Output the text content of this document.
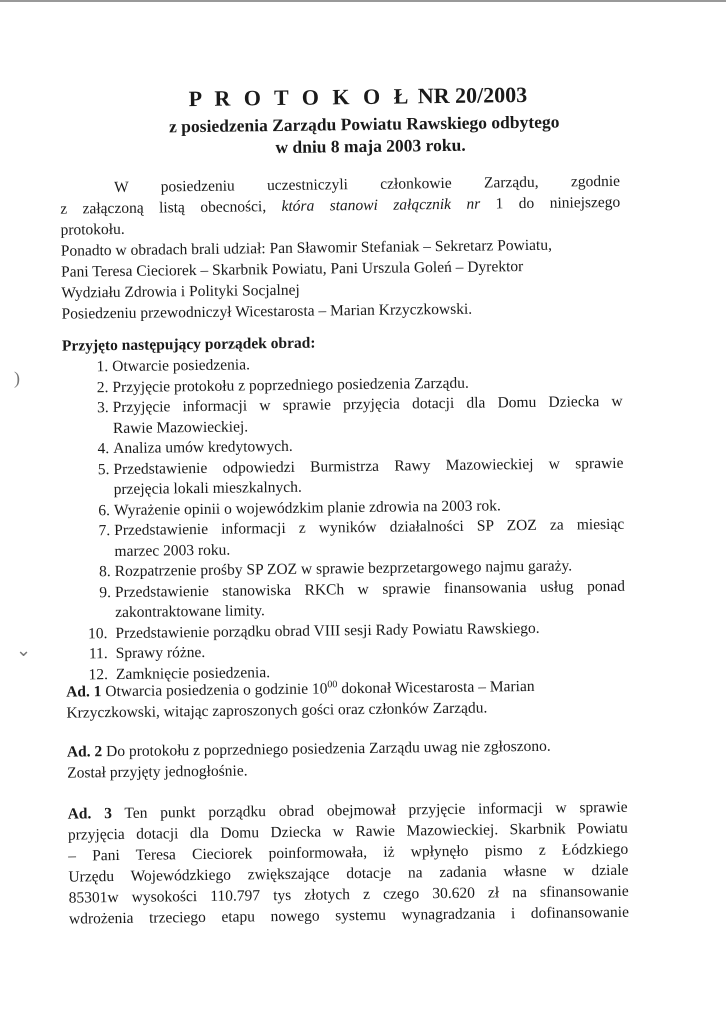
P R O T O K O Ł NR 20/2003
z posiedzenia Zarządu Powiatu Rawskiego odbytego
w dniu 8 maja 2003 roku.
W posiedzeniu uczestniczyli członkowie Zarządu, zgodnie
z załączoną listą obecności, która stanowi załącznik nr 1 do niniejszego
protokołu.
Ponadto w obradach brali udział: Pan Sławomir Stefaniak – Sekretarz Powiatu,
Pani Teresa Cieciorek – Skarbnik Powiatu, Pani Urszula Goleń – Dyrektor
Wydziału Zdrowia i Polityki Socjalnej
Posiedzeniu przewodniczył Wicestarosta – Marian Krzyczkowski.
Przyjęto następujący porządek obrad:
1. Otwarcie posiedzenia.
2. Przyjęcie protokołu z poprzedniego posiedzenia Zarządu.
3. Przyjęcie informacji w sprawie przyjęcia dotacji dla Domu Dziecka w
Rawie Mazowieckiej.
4. Analiza umów kredytowych.
5. Przedstawienie odpowiedzi Burmistrza Rawy Mazowieckiej w sprawie
przejęcia lokali mieszkalnych.
6. Wyrażenie opinii o wojewódzkim planie zdrowia na 2003 rok.
7. Przedstawienie informacji z wyników działalności SP ZOZ za miesiąc
marzec 2003 roku.
8. Rozpatrzenie prośby SP ZOZ w sprawie bezprzetargowego najmu garaży.
9. Przedstawienie stanowiska RKCh w sprawie finansowania usług ponad
zakontraktowane limity.
10. Przedstawienie porządku obrad VIII sesji Rady Powiatu Rawskiego.
11. Sprawy różne.
12. Zamknięcie posiedzenia.
Ad. 1 Otwarcia posiedzenia o godzinie $10^{00}$ dokonał Wicestarosta – Marian
Krzyczkowski, witając zaproszonych gości oraz członków Zarządu.
Ad. 2 Do protokołu z poprzedniego posiedzenia Zarządu uwag nie zgłoszono.
Został przyjęty jednogłośnie.
Ad. 3 Ten punkt porządku obrad obejmował przyjęcie informacji w sprawie
przyjęcia dotacji dla Domu Dziecka w Rawie Mazowieckiej. Skarbnik Powiatu
– Pani Teresa Cieciorek poinformowała, iż wpłynęło pismo z Łódzkiego
Urzędu Wojewódzkiego zwiększające dotacje na zadania własne w dziale
85301w wysokości 110.797 tys złotych z czego 30.620 zł na sfinansowanie
wdrożenia trzeciego etapu nowego systemu wynagradzania i dofinansowanie
)
⌄
